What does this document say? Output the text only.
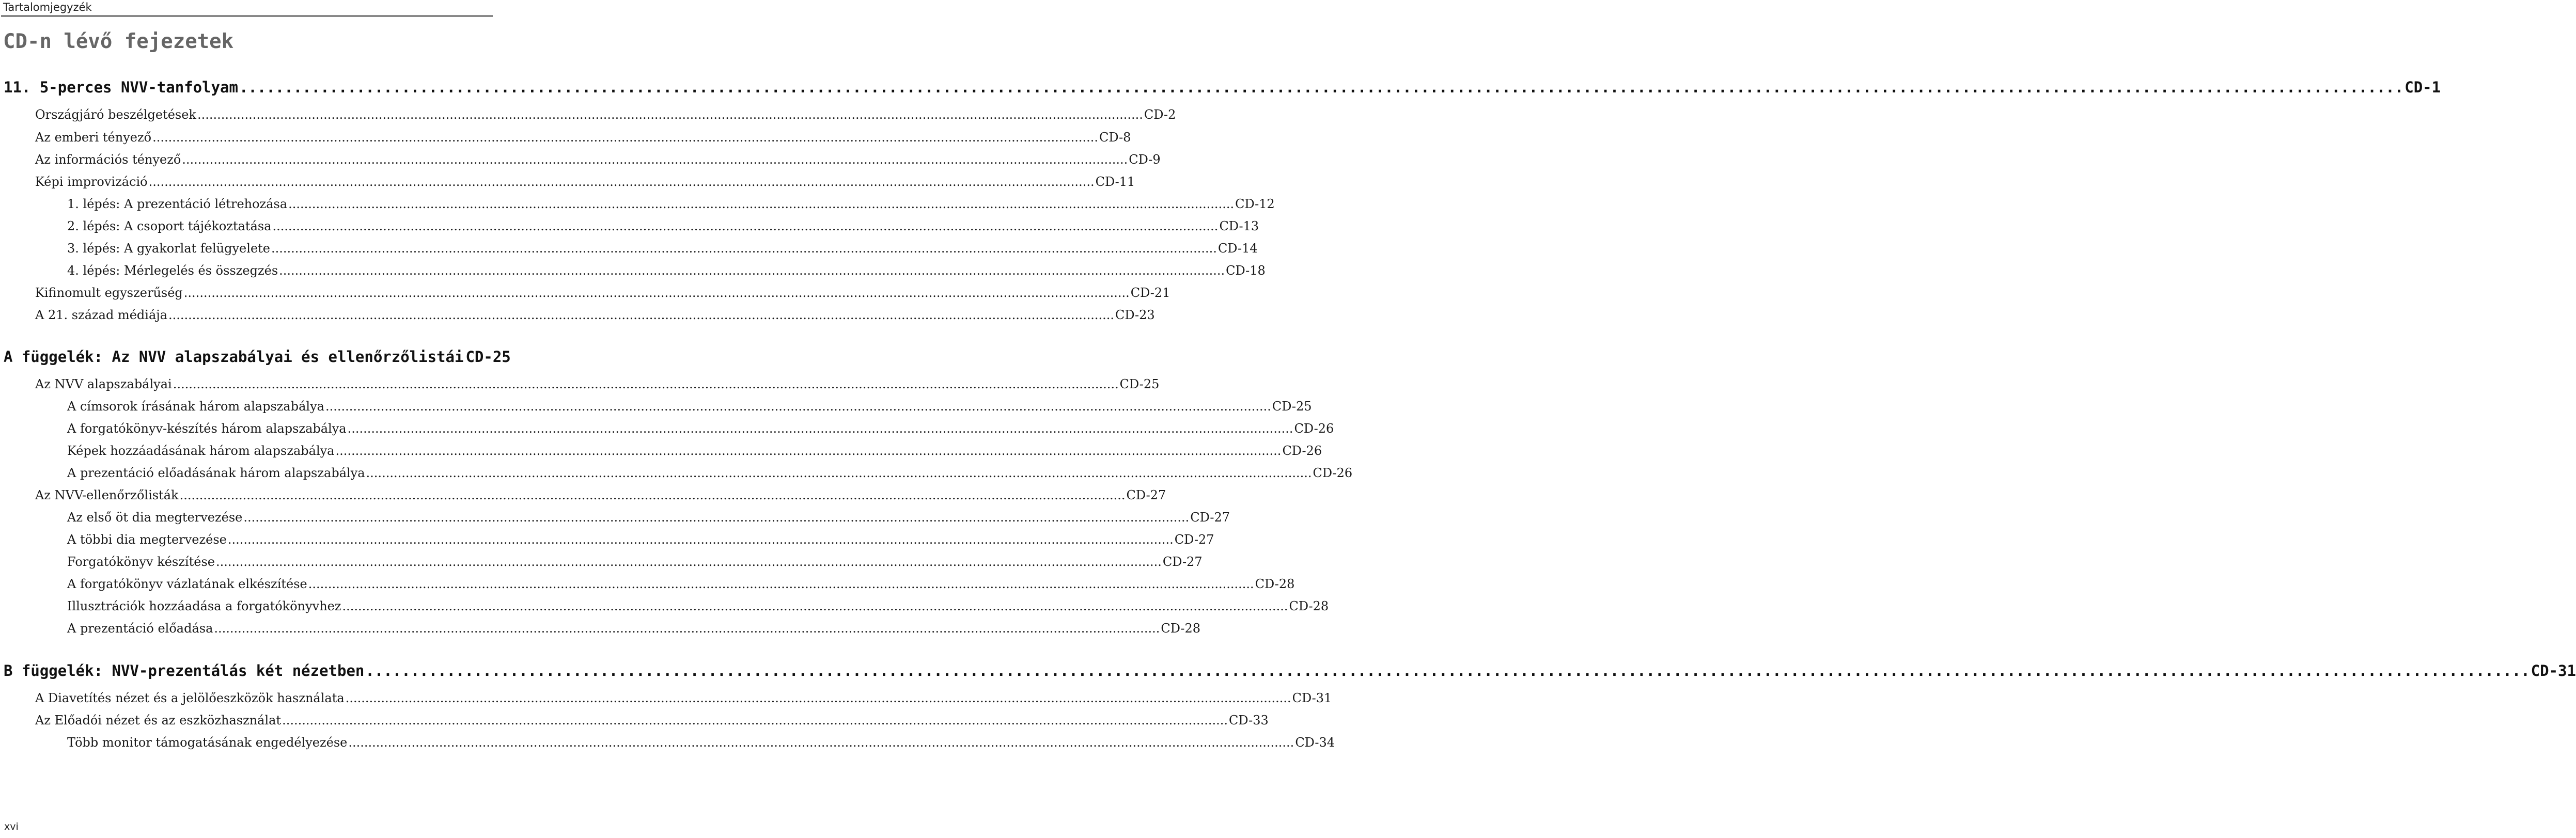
Tartalomjegyzék
CD-n lévő fejezetek
11. 5-perces NVV-tanfolyam .....	CD-1
Országjáró beszélgetések .....	CD-2
Az emberi tényező .....	CD-8
Az információs tényező .....	CD-9
Képi improvizáció .....	CD-11
1. lépés: A prezentáció létrehozása .....	CD-12
2. lépés: A csoport tájékoztatása .....	CD-13
3. lépés: A gyakorlat felügyelete .....	CD-14
4. lépés: Mérlegelés és összegzés .....	CD-18
Kifinomult egyszerűség .....	CD-21
A 21. század médiája .....	CD-23
A függelék: Az NVV alapszabályai és ellenőrzőlistái CD-25
Az NVV alapszabályai .....	CD-25
A címsorok írásának három alapszabálya .....	CD-25
A forgatókönyv-készítés három alapszabálya .....	CD-26
Képek hozzáadásának három alapszabálya .....	CD-26
A prezentáció előadásának három alapszabálya .....	CD-26
Az NVV-ellenőrzőlisták .....	CD-27
Az első öt dia megtervezése .....	CD-27
A többi dia megtervezése .....	CD-27
Forgatókönyv készítése .....	CD-27
A forgatókönyv vázlatának elkészítése .....	CD-28
Illusztrációk hozzáadása a forgatókönyvhez .....	CD-28
A prezentáció előadása .....	CD-28
B függelék: NVV-prezentálás két nézetben .....	CD-31
A Diavetítés nézet és a jelölőeszközök használata .....	CD-31
Az Előadói nézet és az eszközhasználat .....	CD-33
Több monitor támogatásának engedélyezése .....	CD-34
xvi
